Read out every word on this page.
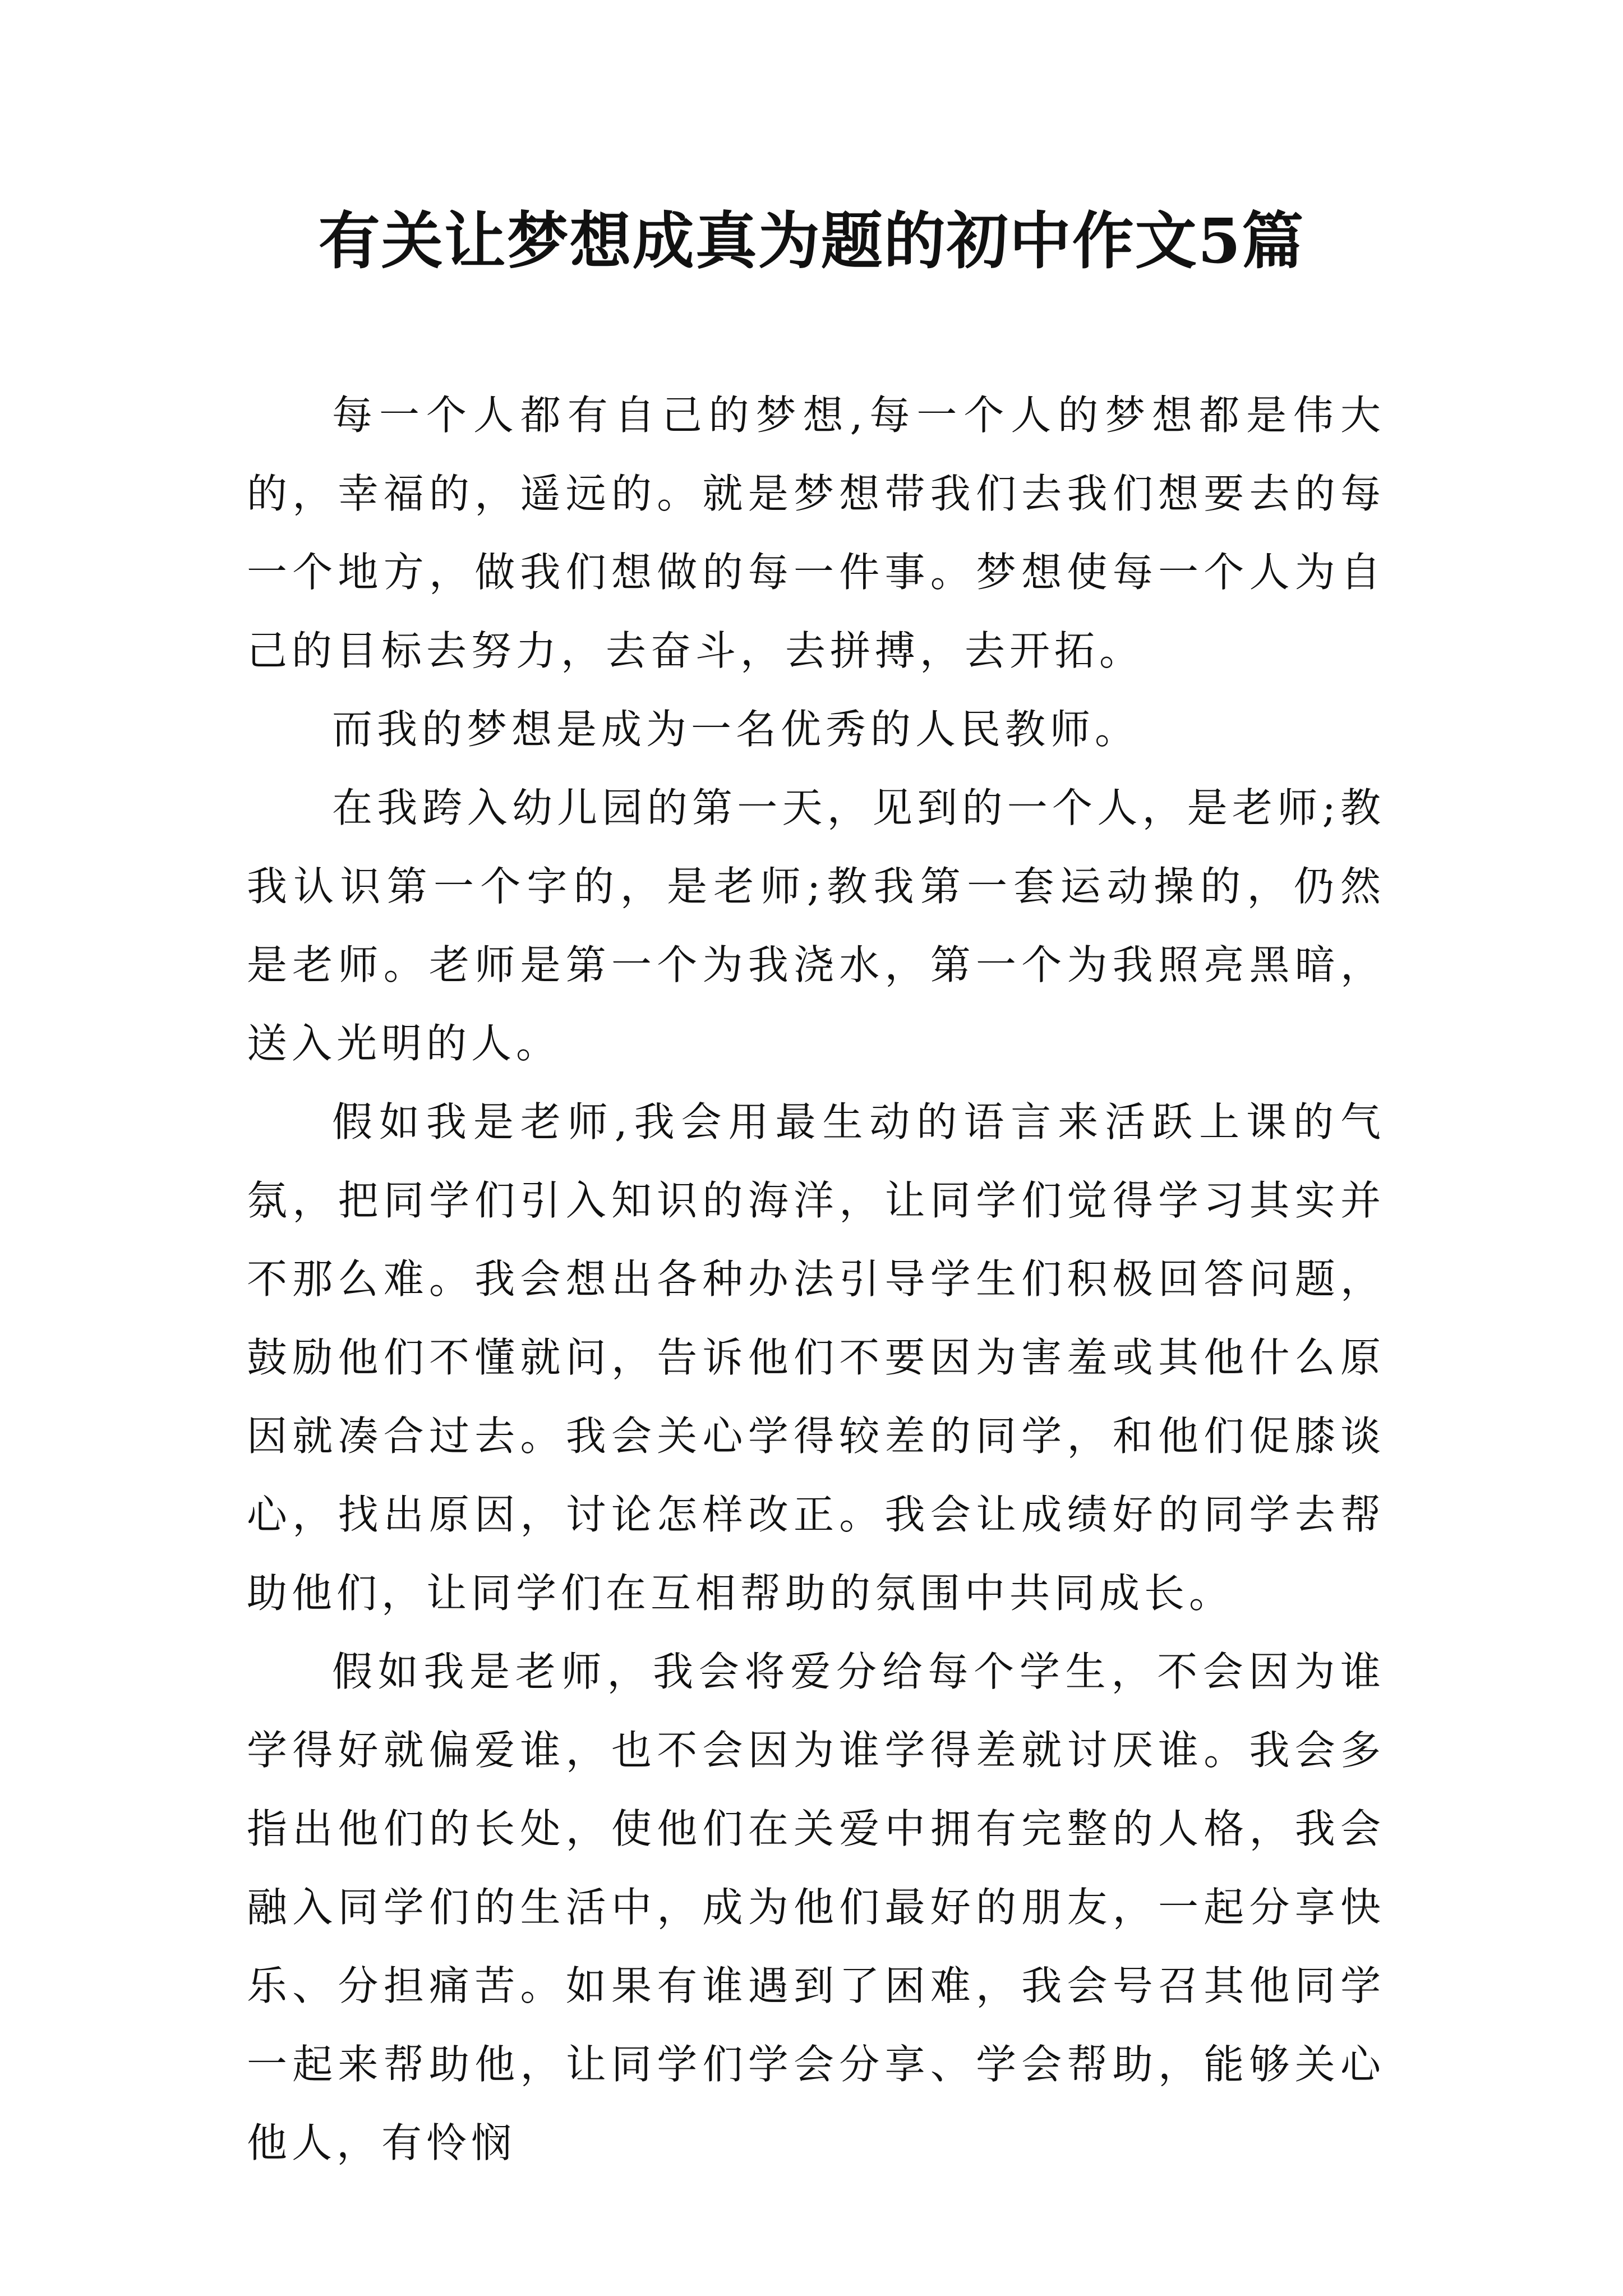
有关让梦想成真为题的初中作文5篇

每一个人都有自己的梦想,每一个人的梦想都是伟大的，幸福的，遥远的。就是梦想带我们去我们想要去的每一个地方，做我们想做的每一件事。梦想使每一个人为自己的目标去努力，去奋斗，去拼搏，去开拓。

而我的梦想是成为一名优秀的人民教师。

在我跨入幼儿园的第一天，见到的一个人，是老师;教我认识第一个字的，是老师;教我第一套运动操的，仍然是老师。老师是第一个为我浇水，第一个为我照亮黑暗，送入光明的人。

假如我是老师,我会用最生动的语言来活跃上课的气氛，把同学们引入知识的海洋，让同学们觉得学习其实并不那么难。我会想出各种办法引导学生们积极回答问题，鼓励他们不懂就问，告诉他们不要因为害羞或其他什么原因就凑合过去。我会关心学得较差的同学，和他们促膝谈心，找出原因，讨论怎样改正。我会让成绩好的同学去帮助他们，让同学们在互相帮助的氛围中共同成长。

假如我是老师，我会将爱分给每个学生，不会因为谁学得好就偏爱谁，也不会因为谁学得差就讨厌谁。我会多指出他们的长处，使他们在关爱中拥有完整的人格，我会融入同学们的生活中，成为他们最好的朋友，一起分享快乐、分担痛苦。如果有谁遇到了困难，我会号召其他同学一起来帮助他，让同学们学会分享、学会帮助，能够关心他人，有怜悯
